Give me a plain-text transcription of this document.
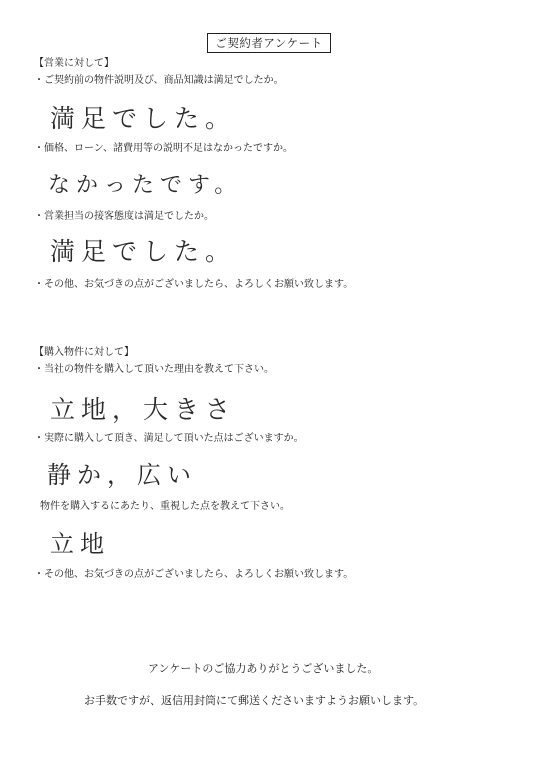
ご契約者アンケート
【営業に対して】
・ご契約前の物件説明及び、商品知識は満足でしたか。
満足でした。
・価格、ローン、諸費用等の説明不足はなかったですか。
なかったです。
・営業担当の接客態度は満足でしたか。
満足でした。
・その他、お気づきの点がございましたら、よろしくお願い致します。
【購入物件に対して】
・当社の物件を購入して頂いた理由を教えて下さい。
立地，大きさ
・実際に購入して頂き、満足して頂いた点はございますか。
静か，広い
物件を購入するにあたり、重視した点を教えて下さい。
立地
・その他、お気づきの点がございましたら、よろしくお願い致します。
アンケートのご協力ありがとうございました。
お手数ですが、返信用封筒にて郵送くださいますようお願いします。
